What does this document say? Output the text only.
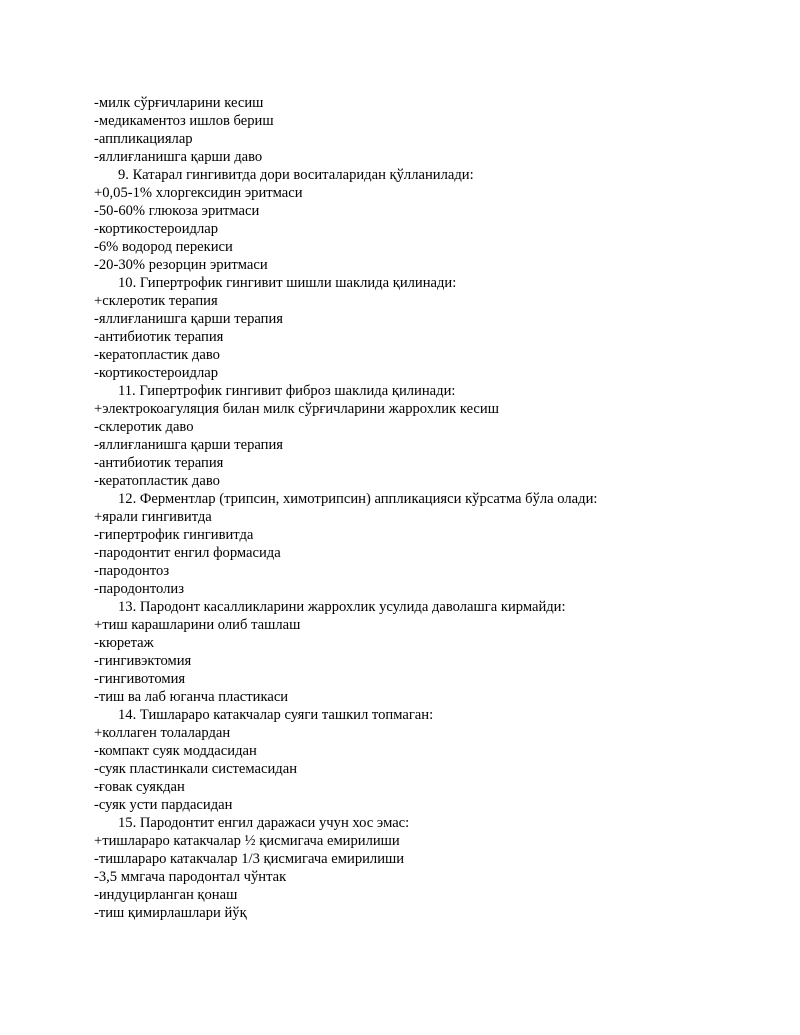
-милк сўрғичларини кесиш
-медикаментоз ишлов бериш
-аппликациялар
-яллиғланишга қарши даво
9. Катарал гингивитда дори воситаларидан қўлланилади:
+0,05-1% хлоргексидин эритмаси
-50-60% глюкоза эритмаси
-кортикостероидлар
-6% водород перекиси
-20-30% резорцин эритмаси
10. Гипертрофик гингивит шишли шаклида қилинади:
+склеротик терапия
-яллиғланишга қарши терапия
-антибиотик терапия
-кератопластик даво
-кортикостероидлар
11. Гипертрофик гингивит фиброз шаклида қилинади:
+электрокоагуляция билан милк сўрғичларини жаррохлик кесиш
-склеротик даво
-яллиғланишга қарши терапия
-антибиотик терапия
-кератопластик даво
12. Ферментлар (трипсин, химотрипсин) аппликацияси кўрсатма бўла олади:
+ярали гингивитда
-гипертрофик гингивитда
-пародонтит енгил формасида
-пародонтоз
-пародонтолиз
13. Пародонт касалликларини жаррохлик усулида даволашга кирмайди:
+тиш карашларини олиб ташлаш
-кюретаж
-гингивэктомия
-гингивотомия
-тиш ва лаб юганча пластикаси
14. Тишлараро катакчалар суяги ташкил топмаган:
+коллаген толалардан
-компакт суяк моддасидан
-суяк пластинкали системасидан
-ғовак суякдан
-суяк усти пардасидан
15. Пародонтит енгил даражаси учун хос эмас:
+тишлараро катакчалар ½ қисмигача емирилиши
-тишлараро катакчалар 1/3 қисмигача емирилиши
-3,5 ммгача пародонтал чўнтак
-индуцирланган қонаш
-тиш қимирлашлари йўқ
